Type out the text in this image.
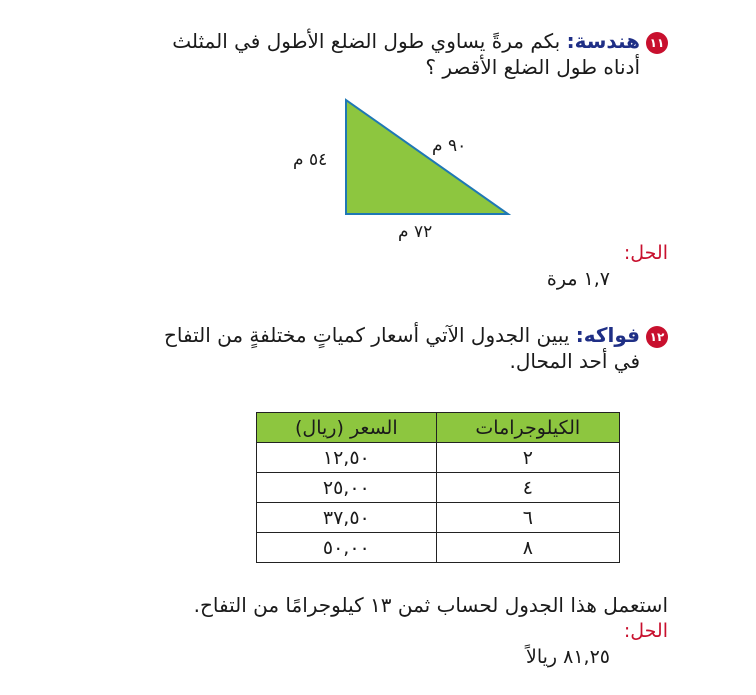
١١هندسة: بكم مرةً يساوي طول الضلع الأطول في المثلث
أدناه طول الضلع الأقصر ؟
٥٤ م
٩٠ م
٧٢ م
الحل:
١,٧ مرة
١٢فواكه: يبين الجدول الآتي أسعار كمياتٍ مختلفةٍ من التفاح
في أحد المحال.
الكيلوجرامات	السعر (ريال)
٢	١٢,٥٠
٤	٢٥,٠٠
٦	٣٧,٥٠
٨	٥٠,٠٠
استعمل هذا الجدول لحساب ثمن ١٣ كيلوجرامًا من التفاح.
الحل:
٨١,٢٥ ريالاً
